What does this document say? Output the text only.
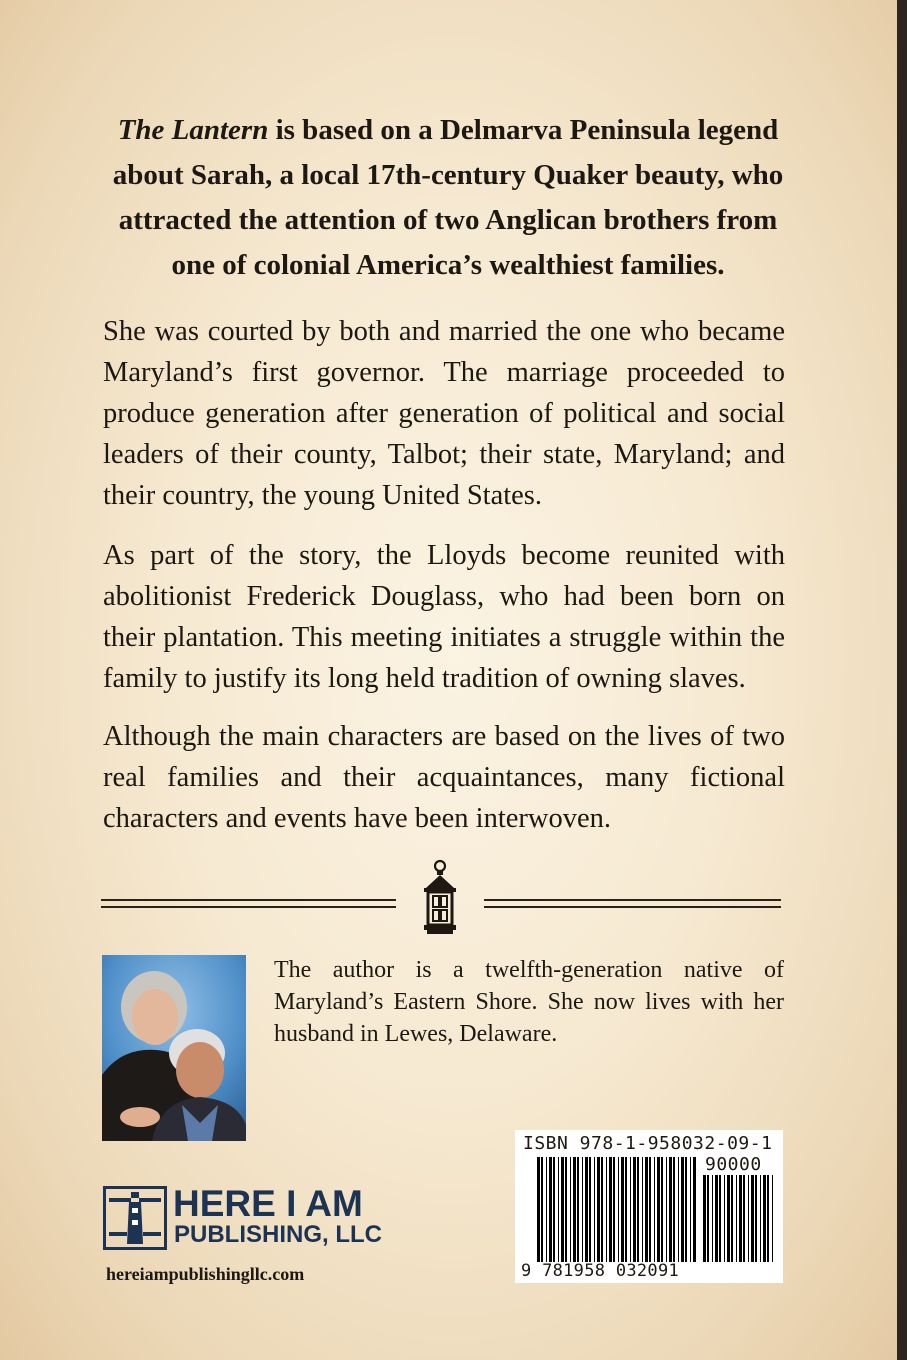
The Lantern is based on a Delmarva Peninsula legend about Sarah, a local 17th-century Quaker beauty, who attracted the attention of two Anglican brothers from one of colonial America’s wealthiest families.

She was courted by both and married the one who became Maryland’s first governor. The marriage proceeded to produce generation after generation of political and social leaders of their county, Talbot; their state, Maryland; and their country, the young United States.

As part of the story, the Lloyds become reunited with abolitionist Frederick Douglass, who had been born on their plantation. This meeting initiates a struggle within the family to justify its long held tradition of owning slaves.

Although the main characters are based on the lives of two real families and their acquaintances, many fictional characters and events have been interwoven.

The author is a twelfth-generation native of Maryland’s Eastern Shore. She now lives with her husband in Lewes, Delaware.

ISBN 978-1-958032-09-1
90000
9 781958 032091
HERE I AM
PUBLISHING, LLC
hereiampublishingllc.com
